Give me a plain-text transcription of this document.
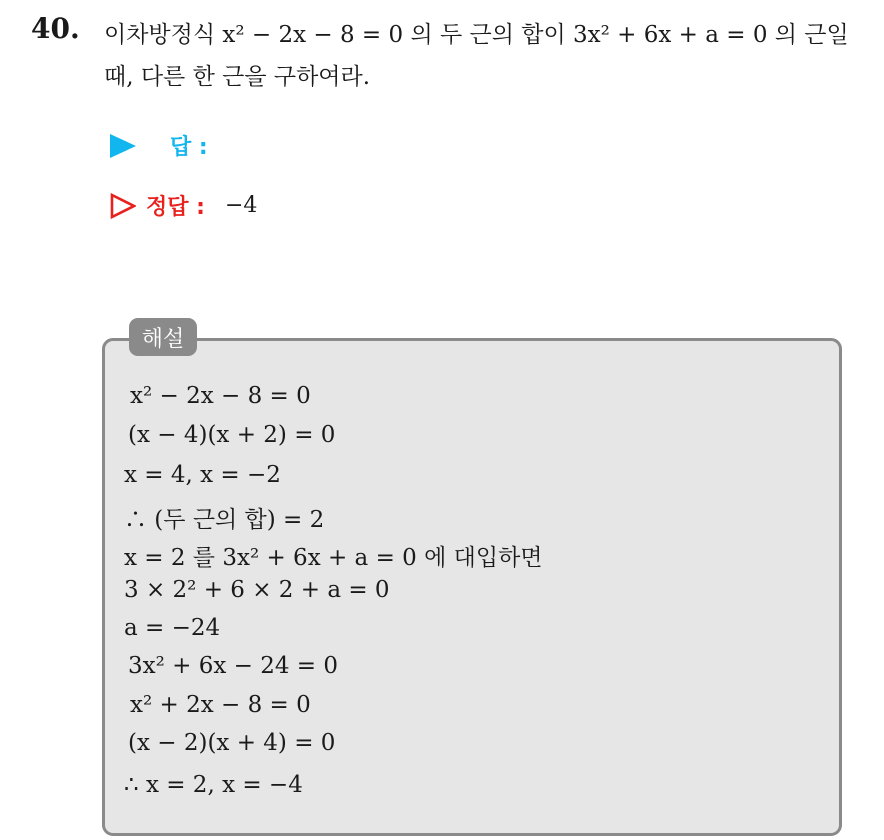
40. 이차방정식 x² − 2x − 8 = 0 의 두 근의 합이 3x² + 6x + a = 0 의 근일
때, 다른 한 근을 구하여라.
답 :
정답 : −4
해설
x² − 2x − 8 = 0
(x − 4)(x + 2) = 0
x = 4, x = −2
∴ (두 근의 합) = 2
x = 2 를 3x² + 6x + a = 0 에 대입하면
3 × 2² + 6 × 2 + a = 0
a = −24
3x² + 6x − 24 = 0
x² + 2x − 8 = 0
(x − 2)(x + 4) = 0
∴ x = 2, x = −4
